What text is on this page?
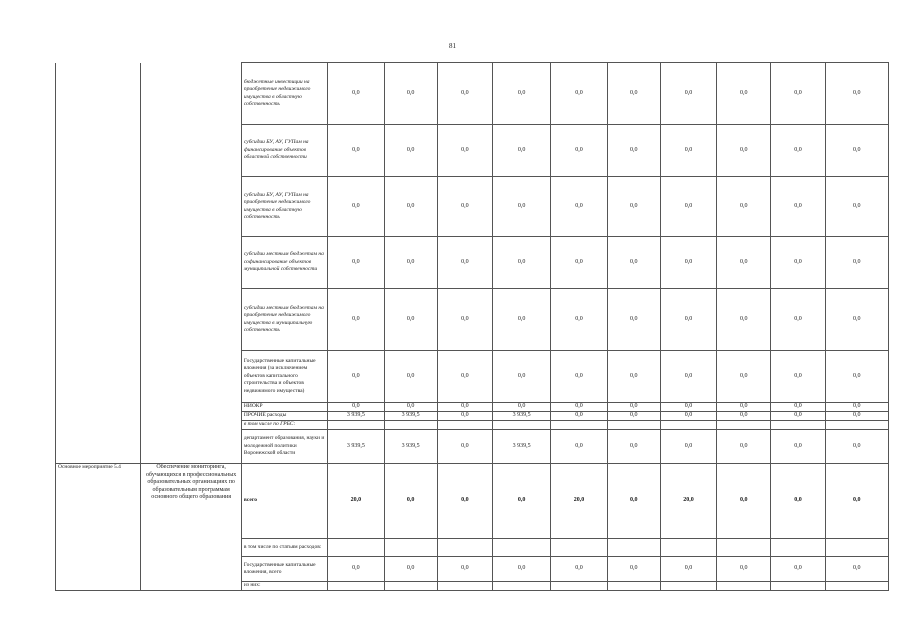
81
		бюджетные инвестиции на приобретение недвижимого имущества в областную собственность	0,0	0,0	0,0	0,0	0,0	0,0	0,0	0,0	0,0	0,0
		субсидии БУ, АУ, ГУПам на финансирование объектов областной собственности	0,0	0,0	0,0	0,0	0,0	0,0	0,0	0,0	0,0	0,0
		субсидии БУ, АУ, ГУПам на приобретение недвижимого имущества в областную собственность	0,0	0,0	0,0	0,0	0,0	0,0	0,0	0,0	0,0	0,0
		субсидии местным бюджетам на софинансирование объектов муниципальной собственности	0,0	0,0	0,0	0,0	0,0	0,0	0,0	0,0	0,0	0,0
		субсидии местным бюджетам на приобретение недвижимого имущества в муниципальную собственность	0,0	0,0	0,0	0,0	0,0	0,0	0,0	0,0	0,0	0,0
		Государственные капитальные вложения (за исключением объектов капитального строительства и объектов недвижимого имущества)	0,0	0,0	0,0	0,0	0,0	0,0	0,0	0,0	0,0	0,0
		НИОКР	0,0	0,0	0,0	0,0	0,0	0,0	0,0	0,0	0,0	0,0
		ПРОЧИЕ расходы	3 939,5	3 939,5	0,0	3 939,5	0,0	0,0	0,0	0,0	0,0	0,0
		в том числе по ГРБС:										
		департамент образования, науки и молодежной политики Воронежской области	3 939,5	3 939,5	0,0	3 939,5	0,0	0,0	0,0	0,0	0,0	0,0
Основное мероприятие 5.4	Обеспечение мониторинга, обучающихся в профессиональных образовательных организациях по образовательным программам основного общего образования	всего	20,0	0,0	0,0	0,0	20,0	0,0	20,0	0,0	0,0	0,0
		в том числе по статьям расходов:										
		Государственные капитальные вложения, всего	0,0	0,0	0,0	0,0	0,0	0,0	0,0	0,0	0,0	0,0
		из них:										
